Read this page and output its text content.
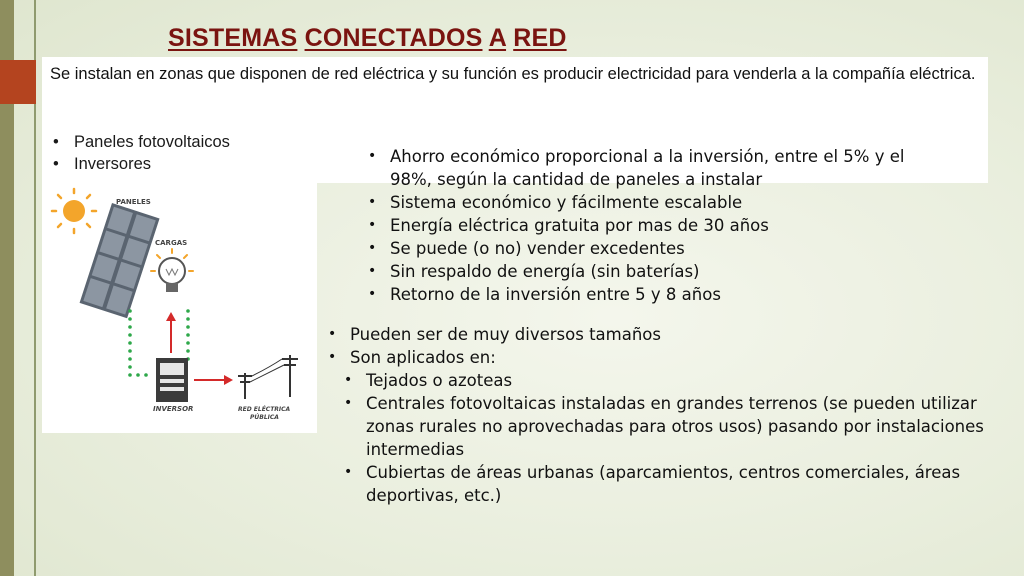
SISTEMAS CONECTADOS A RED
Se instalan en zonas que disponen de red eléctrica y su función es producir electricidad para venderla a la compañía eléctrica.
• Paneles fotovoltaicos
• Inversores
PANELES
CARGAS
INVERSOR	RED ELÉCTRICA
PÚBLICA
• Ahorro económico proporcional a la inversión, entre el 5% y el 98%, según la cantidad de paneles a instalar
• Sistema económico y fácilmente escalable
• Energía eléctrica gratuita por mas de 30 años
• Se puede (o no) vender excedentes
• Sin respaldo de energía (sin baterías)
• Retorno de la inversión entre 5 y 8 años
• Pueden ser de muy diversos tamaños
• Son aplicados en:
• Tejados o azoteas
• Centrales fotovoltaicas instaladas en grandes terrenos (se pueden utilizar zonas rurales no aprovechadas para otros usos) pasando por instalaciones intermedias
• Cubiertas de áreas urbanas (aparcamientos, centros comerciales, áreas deportivas, etc.)
